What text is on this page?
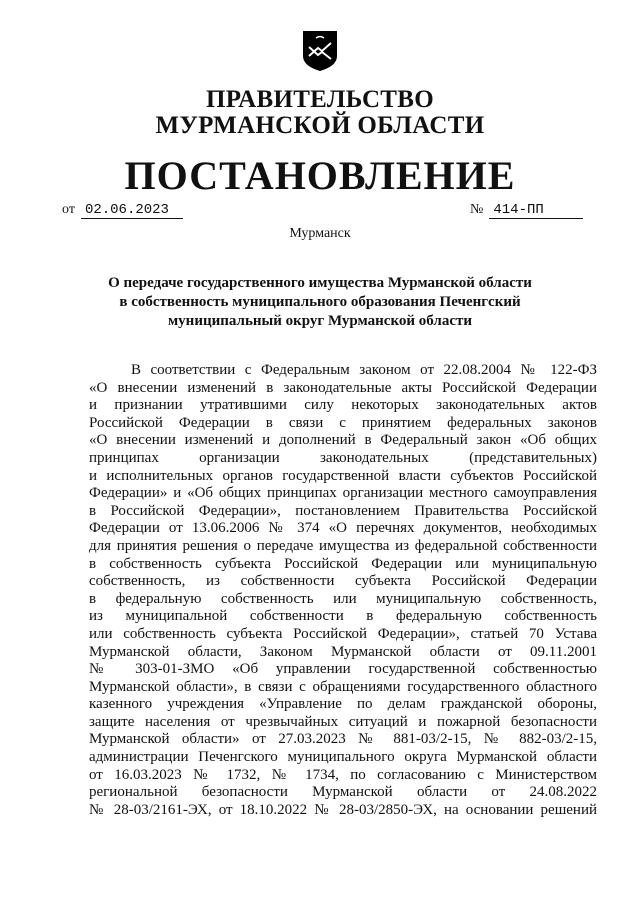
ПРАВИТЕЛЬСТВО
МУРМАНСКОЙ ОБЛАСТИ
ПОСТАНОВЛЕНИЕ
от 02.06.2023	№ 414-ПП
Мурманск
О передаче государственного имущества Мурманской области
в собственность муниципального образования Печенгский
муниципальный округ Мурманской области
В соответствии с Федеральным законом от 22.08.2004 № 122-ФЗ
«О внесении изменений в законодательные акты Российской Федерации
и признании утратившими силу некоторых законодательных актов
Российской Федерации в связи с принятием федеральных законов
«О внесении изменений и дополнений в Федеральный закон «Об общих
принципах организации законодательных (представительных)
и исполнительных органов государственной власти субъектов Российской
Федерации» и «Об общих принципах организации местного самоуправления
в Российской Федерации», постановлением Правительства Российской
Федерации от 13.06.2006 № 374 «О перечнях документов, необходимых
для принятия решения о передаче имущества из федеральной собственности
в собственность субъекта Российской Федерации или муниципальную
собственность, из собственности субъекта Российской Федерации
в федеральную собственность или муниципальную собственность,
из муниципальной собственности в федеральную собственность
или собственность субъекта Российской Федерации», статьей 70 Устава
Мурманской области, Законом Мурманской области от 09.11.2001
№ 303-01-ЗМО «Об управлении государственной собственностью
Мурманской области», в связи с обращениями государственного областного
казенного учреждения «Управление по делам гражданской обороны,
защите населения от чрезвычайных ситуаций и пожарной безопасности
Мурманской области» от 27.03.2023 № 881-03/2-15, № 882-03/2-15,
администрации Печенгского муниципального округа Мурманской области
от 16.03.2023 № 1732, № 1734, по согласованию с Министерством
региональной безопасности Мурманской области от 24.08.2022
№ 28-03/2161-ЭХ, от 18.10.2022 № 28-03/2850-ЭХ, на основании решений
